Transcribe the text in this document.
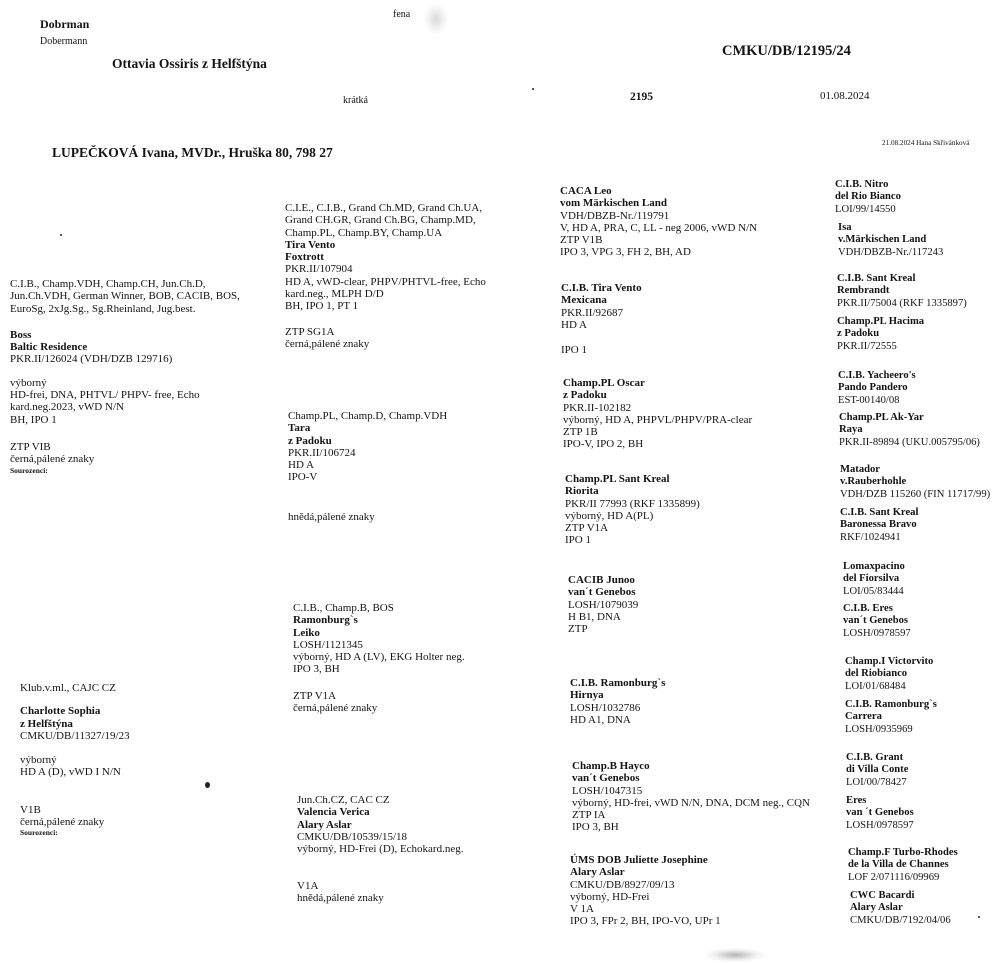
Dobrman
Dobermann
fena
CMKU/DB/12195/24
Ottavia Ossiris z Helfštýna
krátká	2195	01.08.2024
21.08.2024 Hana Skřivánková
LUPEČKOVÁ Ivana, MVDr., Hruška 80, 798 27
C.I.B., Champ.VDH, Champ.CH, Jun.Ch.D,
Jun.Ch.VDH, German Winner, BOB, CACIB, BOS,
EuroSg, 2xJg.Sg., Sg.Rheinland, Jug.best.
Boss
Baltic Residence
PKR.II/126024 (VDH/DZB 129716)
výborný
HD-frei, DNA, PHTVL/ PHPV- free, Echo
kard.neg.2023, vWD N/N
BH, IPO 1
ZTP VIB
černá,pálené znaky
Sourozenci:
Klub.v.ml., CAJC CZ
Charlotte Sophia
z Helfštýna
CMKU/DB/11327/19/23
výborný
HD A (D), vWD I N/N
V1B
černá,pálené znaky
Sourozenci:
C.I.E., C.I.B., Grand Ch.MD, Grand Ch.UA,
Grand CH.GR, Grand Ch.BG, Champ.MD,
Champ.PL, Champ.BY, Champ.UA
Tira Vento
Foxtrott
PKR.II/107904
HD A, vWD-clear, PHPV/PHTVL-free, Echo
kard.neg., MLPH D/D
BH, IPO 1, PT 1
ZTP SG1A
černá,pálené znaky
Champ.PL, Champ.D, Champ.VDH
Tara
z Padoku
PKR.II/106724
HD A
IPO-V
hnědá,pálené znaky
C.I.B., Champ.B, BOS
Ramonburg`s
Leiko
LOSH/1121345
výborný, HD A (LV), EKG Holter neg.
IPO 3, BH
ZTP V1A
černá,pálené znaky
Jun.Ch.CZ, CAC CZ
Valencia Verica
Alary Aslar
CMKU/DB/10539/15/18
výborný, HD-Frei (D), Echokard.neg.
V1A
hnědá,pálené znaky
CACA Leo
vom Märkischen Land
VDH/DBZB-Nr./119791
V, HD A, PRA, C, LL - neg 2006, vWD N/N
ZTP V1B
IPO 3, VPG 3, FH 2, BH, AD
C.I.B. Tira Vento
Mexicana
PKR.II/92687
HD A
IPO 1
Champ.PL Oscar
z Padoku
PKR.II-102182
výborný, HD A, PHPVL/PHPV/PRA-clear
ZTP 1B
IPO-V, IPO 2, BH
Champ.PL Sant Kreal
Riorita
PKR/II 77993 (RKF 1335899)
výborný, HD A(PL)
ZTP V1A
IPO 1
CACIB Junoo
van´t Genebos
LOSH/1079039
H B1, DNA
ZTP
C.I.B. Ramonburg`s
Hirnya
LOSH/1032786
HD A1, DNA
Champ.B Hayco
van´t Genebos
LOSH/1047315
výborný, HD-frei, vWD N/N, DNA, DCM neg., CQN
ZTP IA
IPO 3, BH
ÚMS DOB Juliette Josephine
Alary Aslar
CMKU/DB/8927/09/13
výborný, HD-Frei
V 1A
IPO 3, FPr 2, BH, IPO-VO, UPr 1
C.I.B. Nitro
del Rio Bianco
LOI/99/14550
Isa
v.Märkischen Land
VDH/DBZB-Nr./117243
C.I.B. Sant Kreal
Rembrandt
PKR.II/75004 (RKF 1335897)
Champ.PL Hacima
z Padoku
PKR.II/72555
C.I.B. Yacheero's
Pando Pandero
EST-00140/08
Champ.PL Ak-Yar
Raya
PKR.II-89894 (UKU.005795/06)
Matador
v.Rauberhohle
VDH/DZB 115260 (FIN 11717/99)
C.I.B. Sant Kreal
Baronessa Bravo
RKF/1024941
Lomaxpacino
del Fiorsilva
LOI/05/83444
C.I.B. Eres
van´t Genebos
LOSH/0978597
Champ.I Victorvito
del Riobianco
LOI/01/68484
C.I.B. Ramonburg`s
Carrera
LOSH/0935969
C.I.B. Grant
di Villa Conte
LOI/00/78427
Eres
van ´t Genebos
LOSH/0978597
Champ.F Turbo-Rhodes
de la Villa de Channes
LOF 2/071116/09969
CWC Bacardi
Alary Aslar
CMKU/DB/7192/04/06
